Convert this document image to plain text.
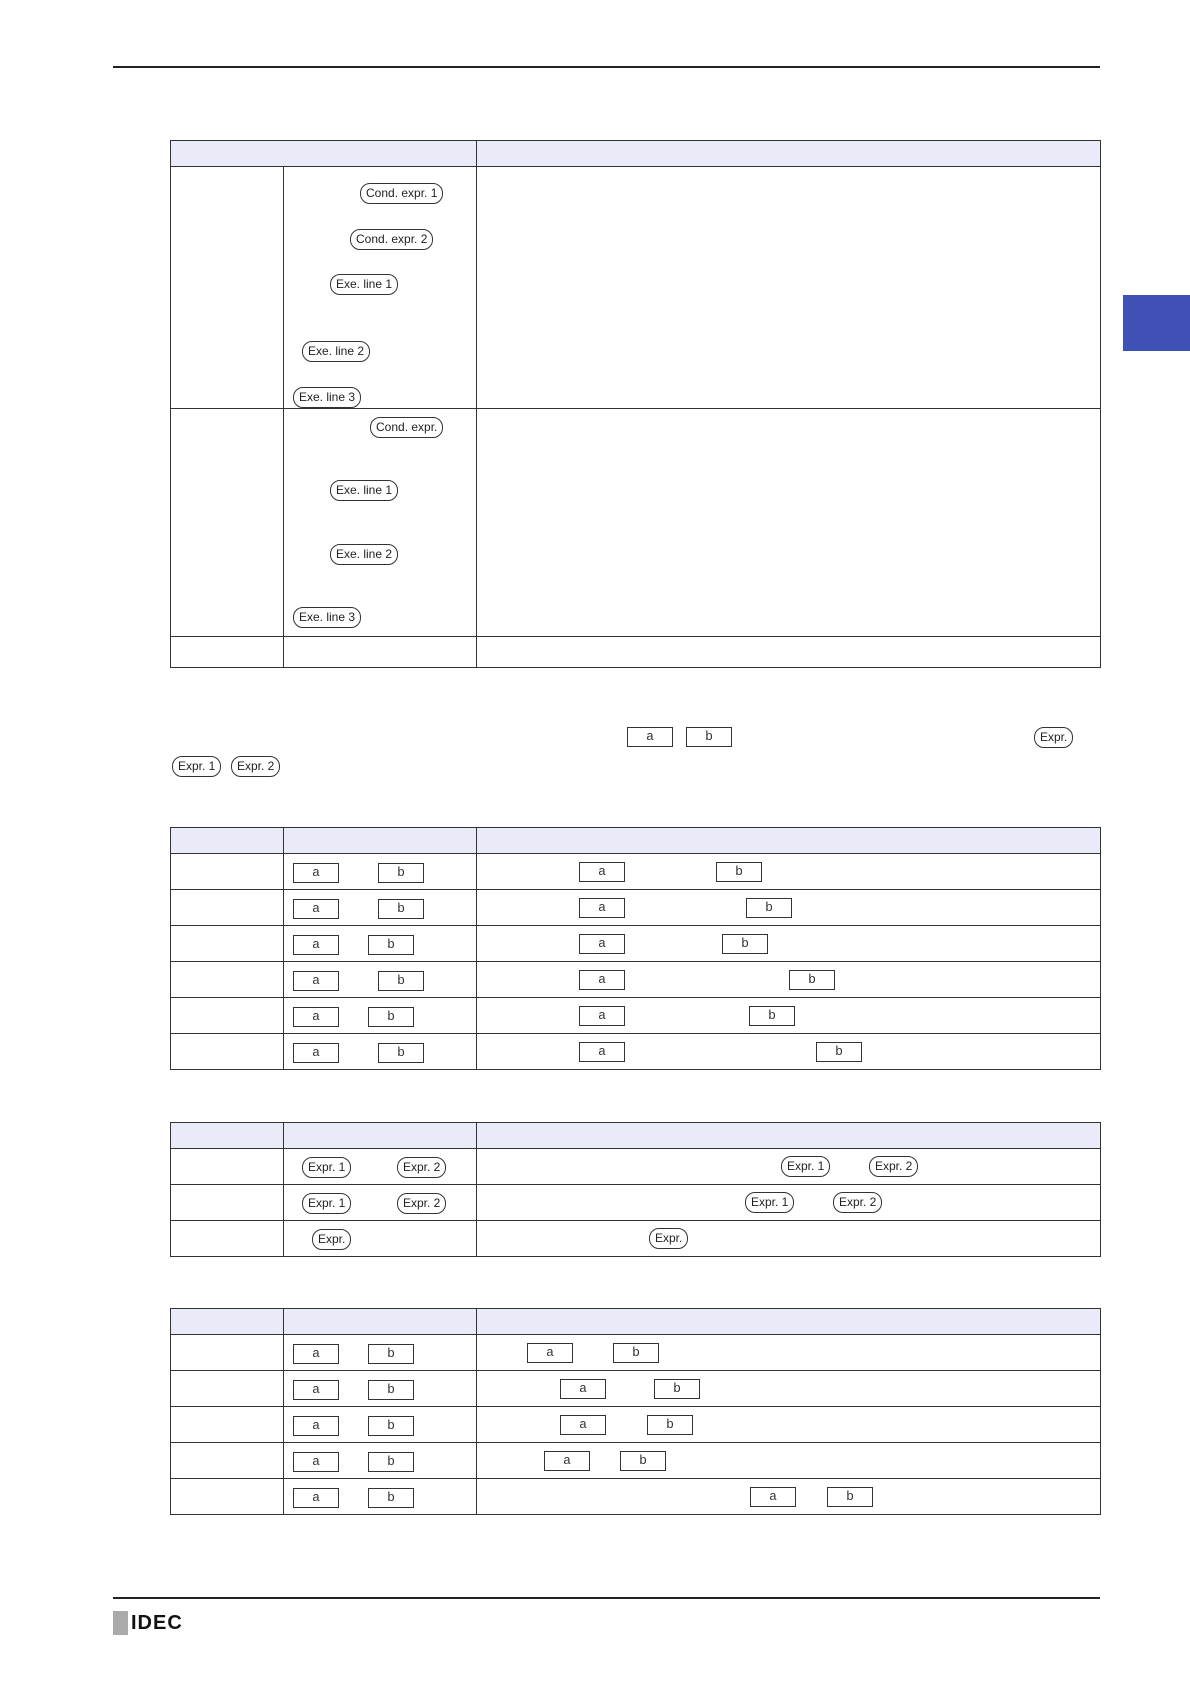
	Cond. expr. 1
Cond. expr. 2
Exe. line 1
Exe. line 2
Exe. line 3	

	Cond. expr.
Exe. line 1
Exe. line 2
Exe. line 3	

a	b	Expr.
Expr. 1	Expr. 2

	a b	a b

	a b	a b

	a b	a b

	a b	a b

	a b	a b

	a b	a b

	Expr. 1 Expr. 2	Expr. 1 Expr. 2

	Expr. 1 Expr. 2	Expr. 1 Expr. 2

	Expr.	Expr.

	a b	a b

	a b	a b

	a b	a b

	a b	a b

	a b	a b
IDEC
